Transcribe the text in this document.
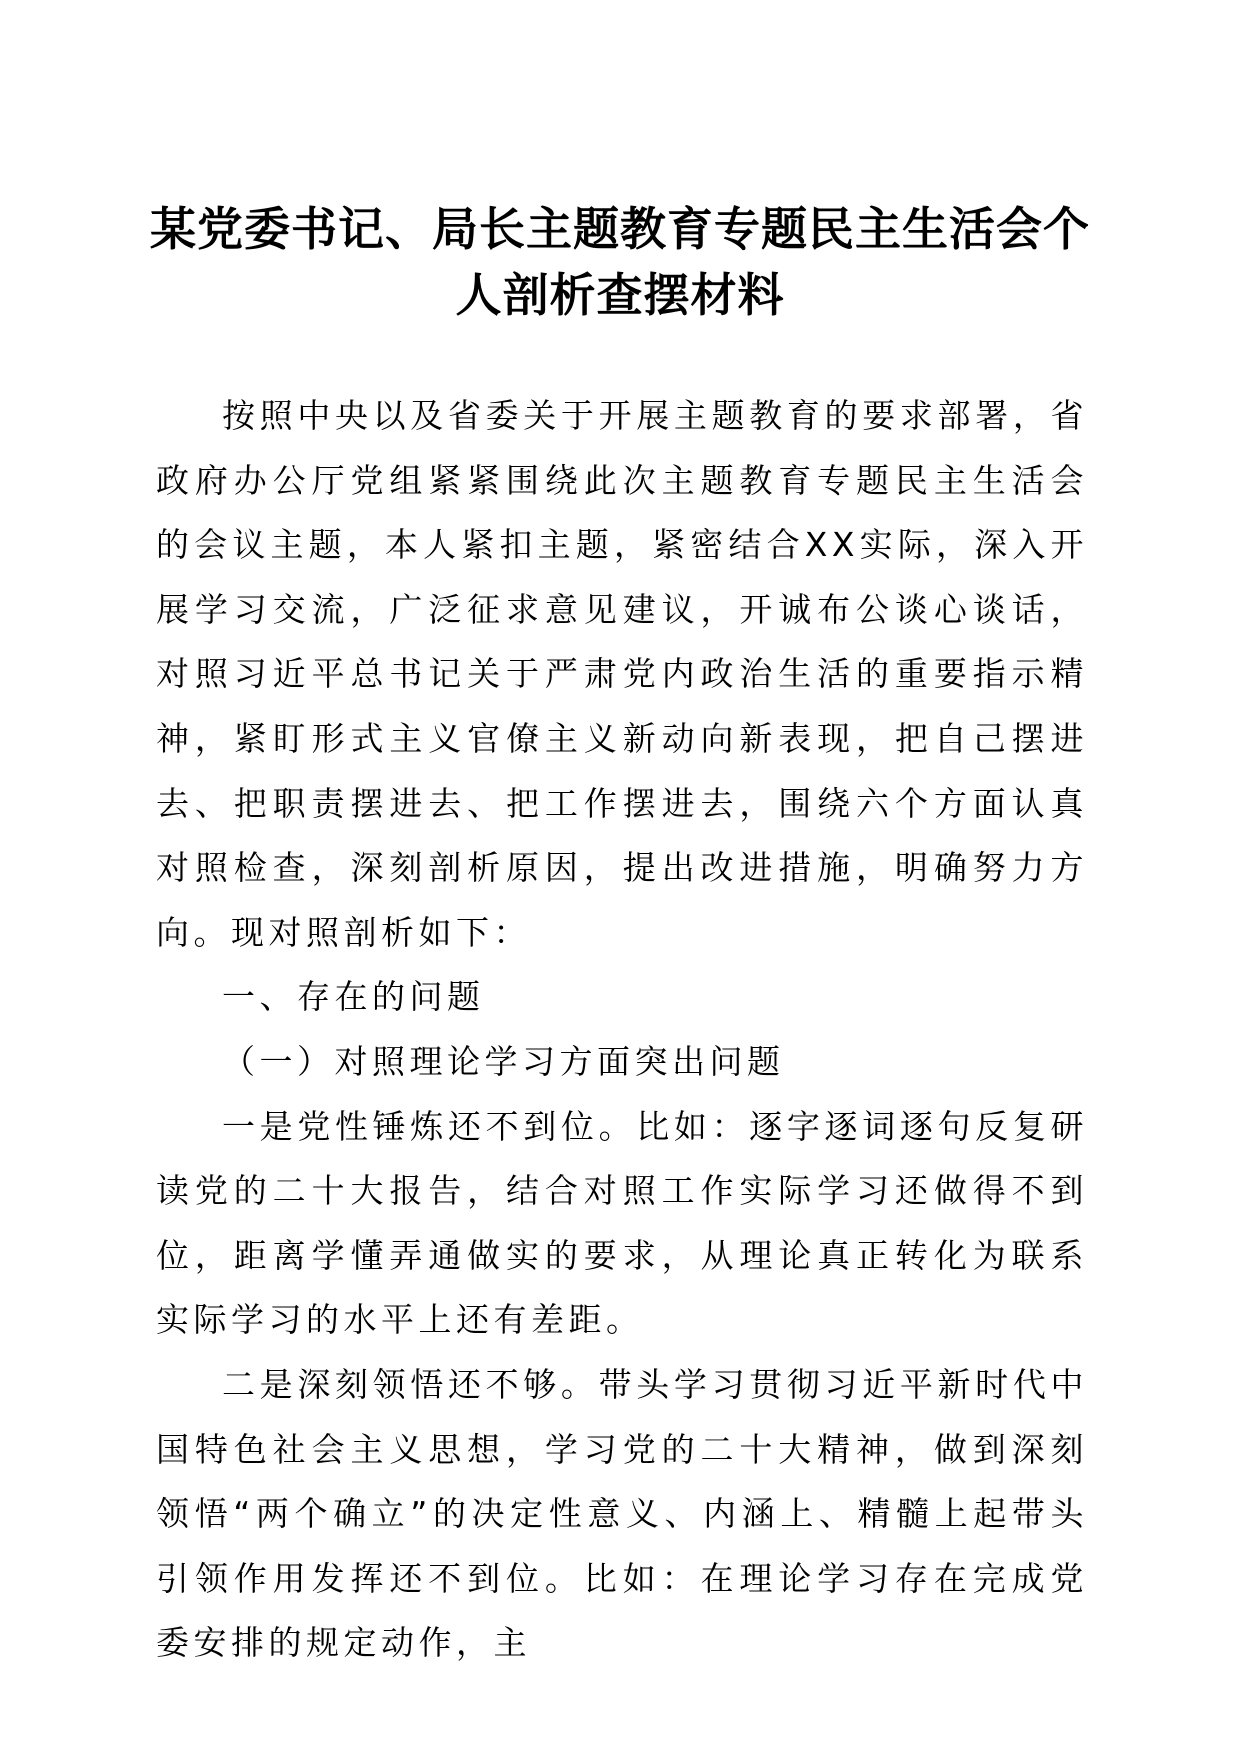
某党委书记、局长主题教育专题民主生活会个
人剖析查摆材料

按照中央以及省委关于开展主题教育的要求部署，省政府办公厅党组紧紧围绕此次主题教育专题民主生活会的会议主题，本人紧扣主题，紧密结合XX实际，深入开展学习交流，广泛征求意见建议，开诚布公谈心谈话，对照习近平总书记关于严肃党内政治生活的重要指示精神，紧盯形式主义官僚主义新动向新表现，把自己摆进去、把职责摆进去、把工作摆进去，围绕六个方面认真对照检查，深刻剖析原因，提出改进措施，明确努力方向。现对照剖析如下：

一、存在的问题

（一）对照理论学习方面突出问题

一是党性锤炼还不到位。比如：逐字逐词逐句反复研读党的二十大报告，结合对照工作实际学习还做得不到位，距离学懂弄通做实的要求，从理论真正转化为联系实际学习的水平上还有差距。

二是深刻领悟还不够。带头学习贯彻习近平新时代中国特色社会主义思想，学习党的二十大精神，做到深刻领悟“两个确立”的决定性意义、内涵上、精髓上起带头引领作用发挥还不到位。比如：在理论学习存在完成党委安排的规定动作，主
